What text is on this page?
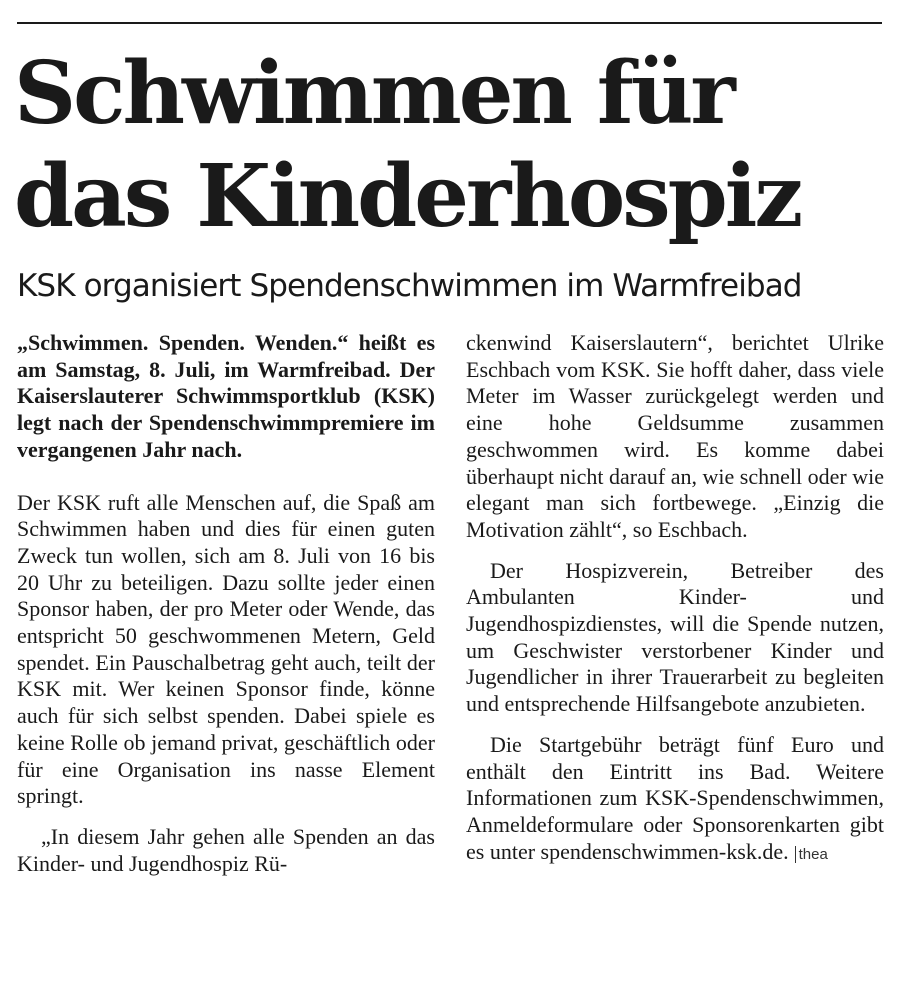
Schwimmen für
das Kinderhospiz
KSK organisiert Spendenschwimmen im Warmfreibad

„Schwimmen. Spenden. Wenden.“ heißt es am Samstag, 8. Juli, im Warmfreibad. Der Kaiserslauterer Schwimmsportklub (KSK) legt nach der Spendenschwimmpremiere im vergangenen Jahr nach.

Der KSK ruft alle Menschen auf, die Spaß am Schwimmen haben und dies für einen guten Zweck tun wollen, sich am 8. Juli von 16 bis 20 Uhr zu beteiligen. Dazu sollte jeder einen Sponsor haben, der pro Meter oder Wende, das entspricht 50 geschwommenen Metern, Geld spendet. Ein Pauschalbetrag geht auch, teilt der KSK mit. Wer keinen Sponsor finde, könne auch für sich selbst spenden. Dabei spiele es keine Rolle ob jemand privat, geschäftlich oder für eine Organisation ins nasse Element springt.

„In diesem Jahr gehen alle Spenden an das Kinder- und Jugendhospiz Rü-

ckenwind Kaiserslautern“, berichtet Ulrike Eschbach vom KSK. Sie hofft daher, dass viele Meter im Wasser zurückgelegt werden und eine hohe Geldsumme zusammen geschwommen wird. Es komme dabei überhaupt nicht darauf an, wie schnell oder wie elegant man sich fortbewege. „Einzig die Motivation zählt“, so Eschbach.

Der Hospizverein, Betreiber des Ambulanten Kinder- und Jugendhospizdienstes, will die Spende nutzen, um Geschwister verstorbener Kinder und Jugendlicher in ihrer Trauerarbeit zu begleiten und entsprechende Hilfsangebote anzubieten.

Die Startgebühr beträgt fünf Euro und enthält den Eintritt ins Bad. Weitere Informationen zum KSK-Spendenschwimmen, Anmeldeformulare oder Sponsorenkarten gibt es unter spendenschwimmen-ksk.de. thea
